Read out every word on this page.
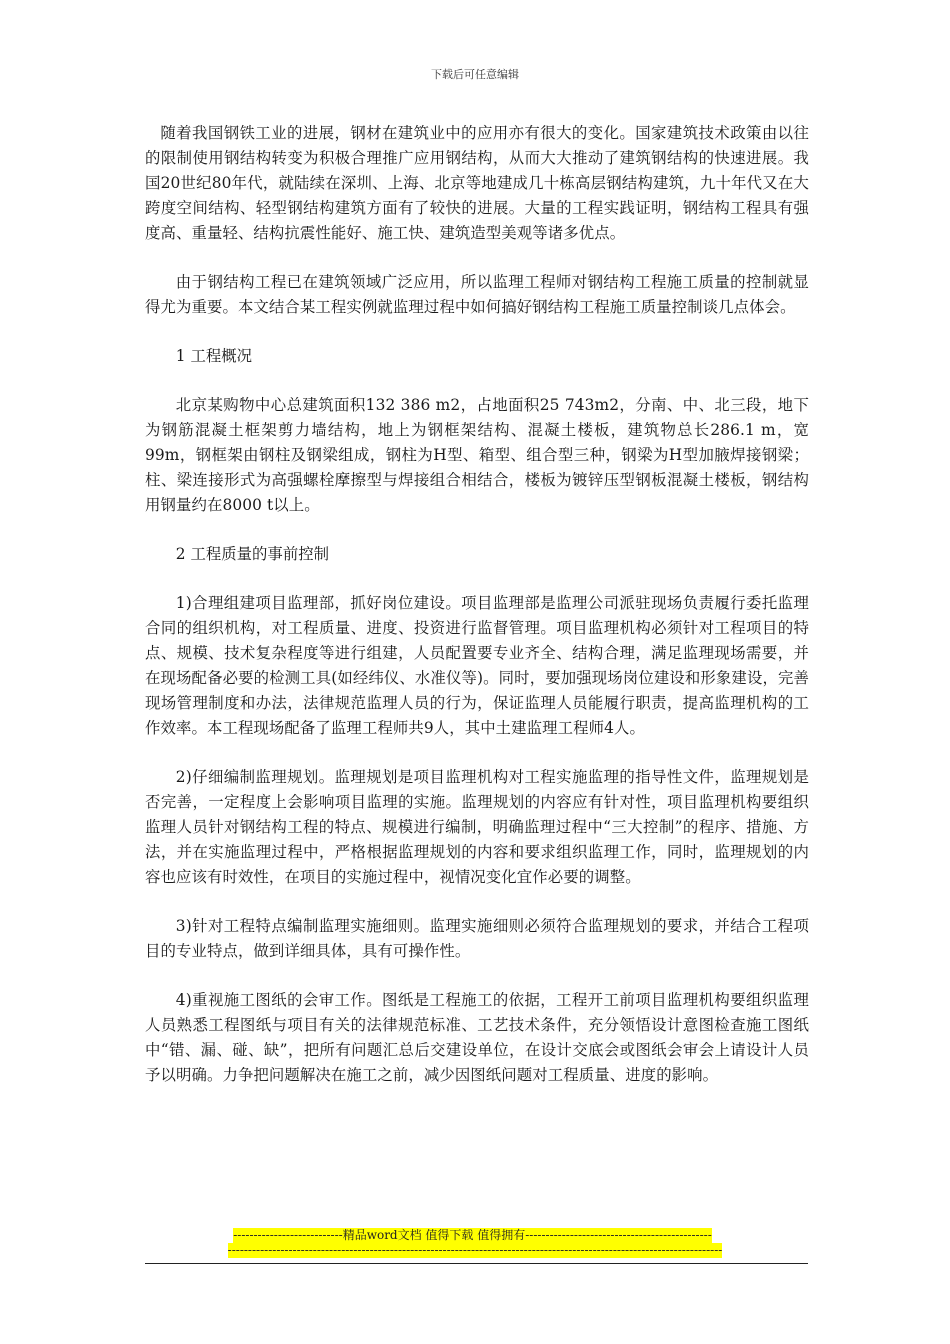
下载后可任意编辑

随着我国钢铁工业的进展，钢材在建筑业中的应用亦有很大的变化。国家建筑技术政策由以往的限制使用钢结构转变为积极合理推广应用钢结构，从而大大推动了建筑钢结构的快速进展。我国20世纪80年代，就陆续在深圳、上海、北京等地建成几十栋高层钢结构建筑，九十年代又在大跨度空间结构、轻型钢结构建筑方面有了较快的进展。大量的工程实践证明，钢结构工程具有强度高、重量轻、结构抗震性能好、施工快、建筑造型美观等诸多优点。

由于钢结构工程已在建筑领域广泛应用，所以监理工程师对钢结构工程施工质量的控制就显得尤为重要。本文结合某工程实例就监理过程中如何搞好钢结构工程施工质量控制谈几点体会。

1 工程概况

北京某购物中心总建筑面积132 386 m2，占地面积25 743m2，分南、中、北三段，地下为钢筋混凝土框架剪力墙结构，地上为钢框架结构、混凝土楼板，建筑物总长286.1 m，宽99m，钢框架由钢柱及钢梁组成，钢柱为H型、箱型、组合型三种，钢梁为H型加腋焊接钢梁；柱、梁连接形式为高强螺栓摩擦型与焊接组合相结合，楼板为镀锌压型钢板混凝土楼板，钢结构用钢量约在8000 t以上。

2 工程质量的事前控制

1)合理组建项目监理部，抓好岗位建设。项目监理部是监理公司派驻现场负责履行委托监理合同的组织机构，对工程质量、进度、投资进行监督管理。项目监理机构必须针对工程项目的特点、规模、技术复杂程度等进行组建，人员配置要专业齐全、结构合理，满足监理现场需要，并在现场配备必要的检测工具(如经纬仪、水准仪等)。同时，要加强现场岗位建设和形象建设，完善现场管理制度和办法，法律规范监理人员的行为，保证监理人员能履行职责，提高监理机构的工作效率。本工程现场配备了监理工程师共9人，其中土建监理工程师4人。

2)仔细编制监理规划。监理规划是项目监理机构对工程实施监理的指导性文件，监理规划是否完善，一定程度上会影响项目监理的实施。监理规划的内容应有针对性，项目监理机构要组织监理人员针对钢结构工程的特点、规模进行编制，明确监理过程中“三大控制”的程序、措施、方法，并在实施监理过程中，严格根据监理规划的内容和要求组织监理工作，同时，监理规划的内容也应该有时效性，在项目的实施过程中，视情况变化宜作必要的调整。

3)针对工程特点编制监理实施细则。监理实施细则必须符合监理规划的要求，并结合工程项目的专业特点，做到详细具体，具有可操作性。

4)重视施工图纸的会审工作。图纸是工程施工的依据，工程开工前项目监理机构要组织监理人员熟悉工程图纸与项目有关的法律规范标准、工艺技术条件，充分领悟设计意图检查施工图纸中“错、漏、碰、缺”，把所有问题汇总后交建设单位，在设计交底会或图纸会审会上请设计人员予以明确。力争把问题解决在施工之前，减少因图纸问题对工程质量、进度的影响。

---------------------------精品word文档 值得下载 值得拥有----------------------------------------------
--------------------------------------------------------------------------------------------------------------------------
